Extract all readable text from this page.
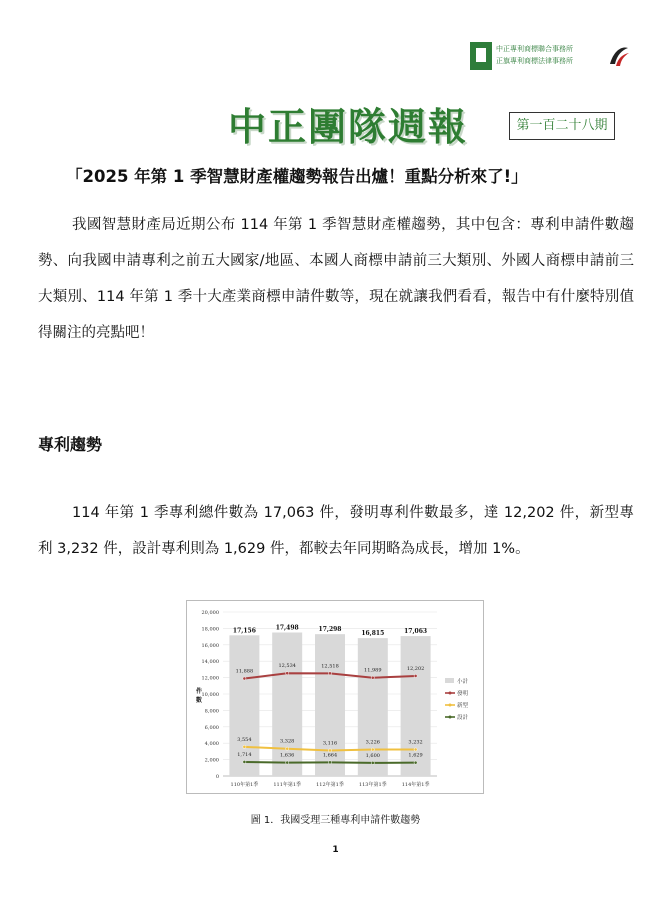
中正專利商標聯合事務所
正旗專利商標法律事務所
中正團隊週報	第一百二十八期
「2025 年第 1 季智慧財產權趨勢報告出爐！重點分析來了!」
我國智慧財產局近期公布 114 年第 1 季智慧財產權趨勢，其中包含：專利申請件數趨勢、向我國申請專利之前五大國家/地區、本國人商標申請前三大類別、外國人商標申請前三大類別、114 年第 1 季十大產業商標申請件數等，現在就讓我們看看，報告中有什麼特別值得關注的亮點吧！
專利趨勢
114 年第 1 季專利總件數為 17,063 件，發明專利件數最多，達 12,202 件，新型專利 3,232 件，設計專利則為 1,629 件，都較去年同期略為成長，增加 1%。
0
2,000
4,000
6,000
8,000
10,000
12,000
14,000
16,000
18,000
20,000
件
數
17,156	17,498	17,298
16,815	17,063
11,888
12,534	12,518
11,989	12,202
3,554	3,328	3,116	3,226	3,232
1,714	1,636	1,664	1,600	1,629
110年第1季	111年第1季	112年第1季	113年第1季	114年第1季
小計
發明
新型
設計
圖 1．我國受理三種專利申請件數趨勢
1
